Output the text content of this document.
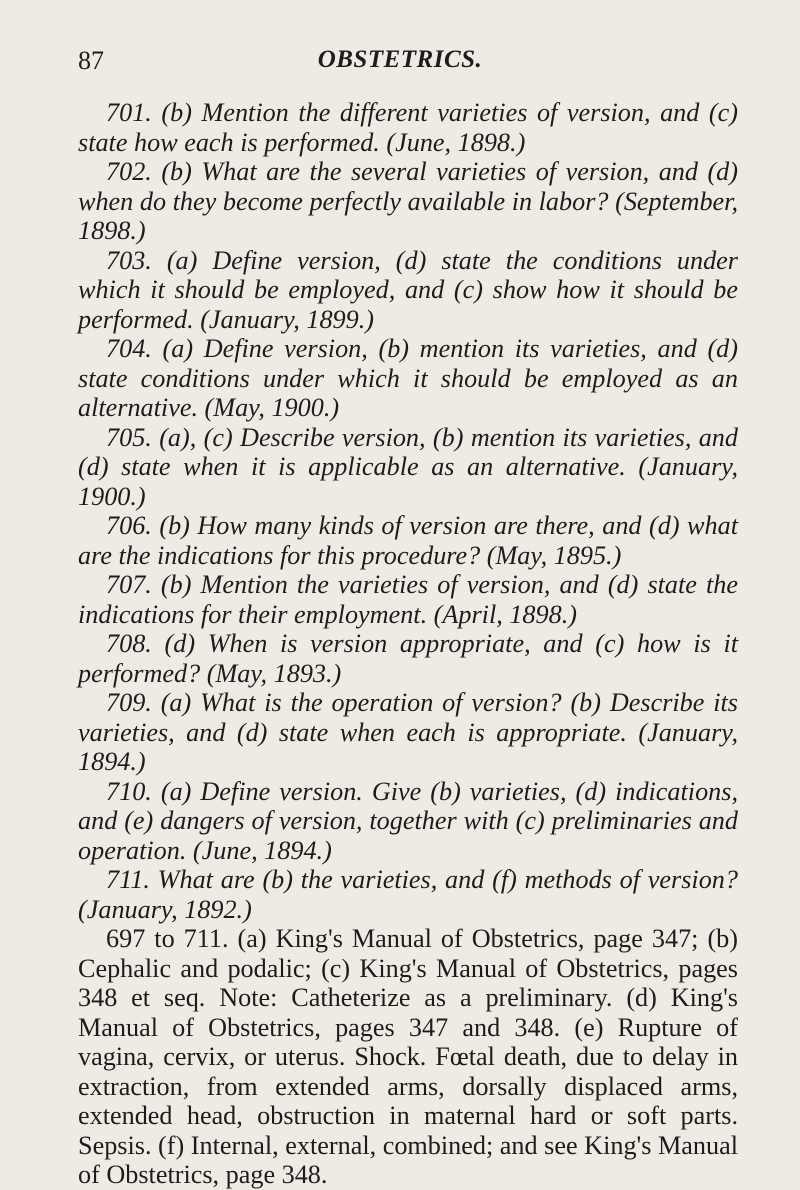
87	OBSTETRICS.

701. (b) Mention the different varieties of version, and (c) state how each is performed. (June, 1898.)

702. (b) What are the several varieties of version, and (d) when do they become perfectly available in labor? (September, 1898.)

703. (a) Define version, (d) state the conditions under which it should be employed, and (c) show how it should be performed. (January, 1899.)

704. (a) Define version, (b) mention its varieties, and (d) state conditions under which it should be employed as an alternative. (May, 1900.)

705. (a), (c) Describe version, (b) mention its varieties, and (d) state when it is applicable as an alternative. (January, 1900.)

706. (b) How many kinds of version are there, and (d) what are the indications for this procedure? (May, 1895.)

707. (b) Mention the varieties of version, and (d) state the indications for their employment. (April, 1898.)

708. (d) When is version appropriate, and (c) how is it performed? (May, 1893.)

709. (a) What is the operation of version? (b) Describe its varieties, and (d) state when each is appropriate. (January, 1894.)

710. (a) Define version. Give (b) varieties, (d) indications, and (e) dangers of version, together with (c) preliminaries and operation. (June, 1894.)

711. What are (b) the varieties, and (f) methods of version? (January, 1892.)

697 to 711. (a) King's Manual of Obstetrics, page 347; (b) Cephalic and podalic; (c) King's Manual of Obstetrics, pages 348 et seq. Note: Catheterize as a preliminary. (d) King's Manual of Obstetrics, pages 347 and 348. (e) Rupture of vagina, cervix, or uterus. Shock. Fœtal death, due to delay in extraction, from extended arms, dorsally displaced arms, extended head, obstruction in maternal hard or soft parts. Sepsis. (f) Internal, external, combined; and see King's Manual of Obstetrics, page 348.
